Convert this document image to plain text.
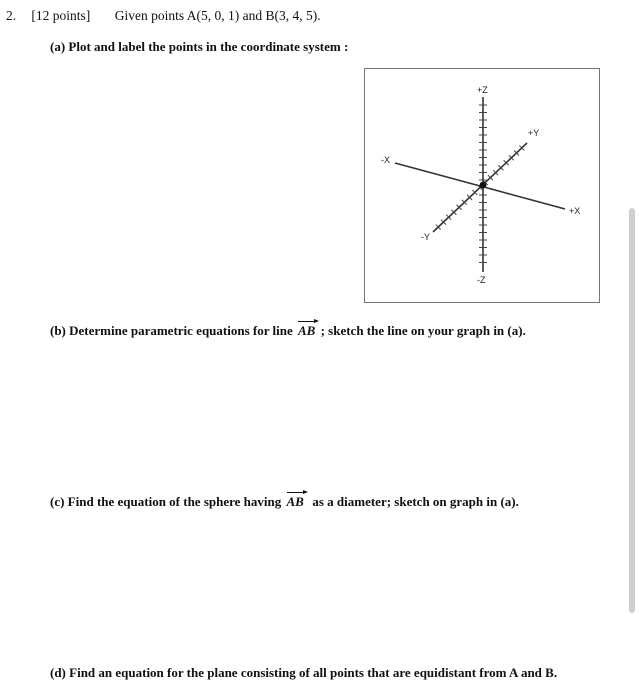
2. [12 points] Given points A(5, 0, 1) and B(3, 4, 5).
(a) Plot and label the points in the coordinate system :
+Z
-Z
+Y
-Y
+X
-X
(b) Determine parametric equations for line AB ; sketch the line on your graph in (a).
(c) Find the equation of the sphere having AB as a diameter; sketch on graph in (a).
(d) Find an equation for the plane consisting of all points that are equidistant from A and B.
